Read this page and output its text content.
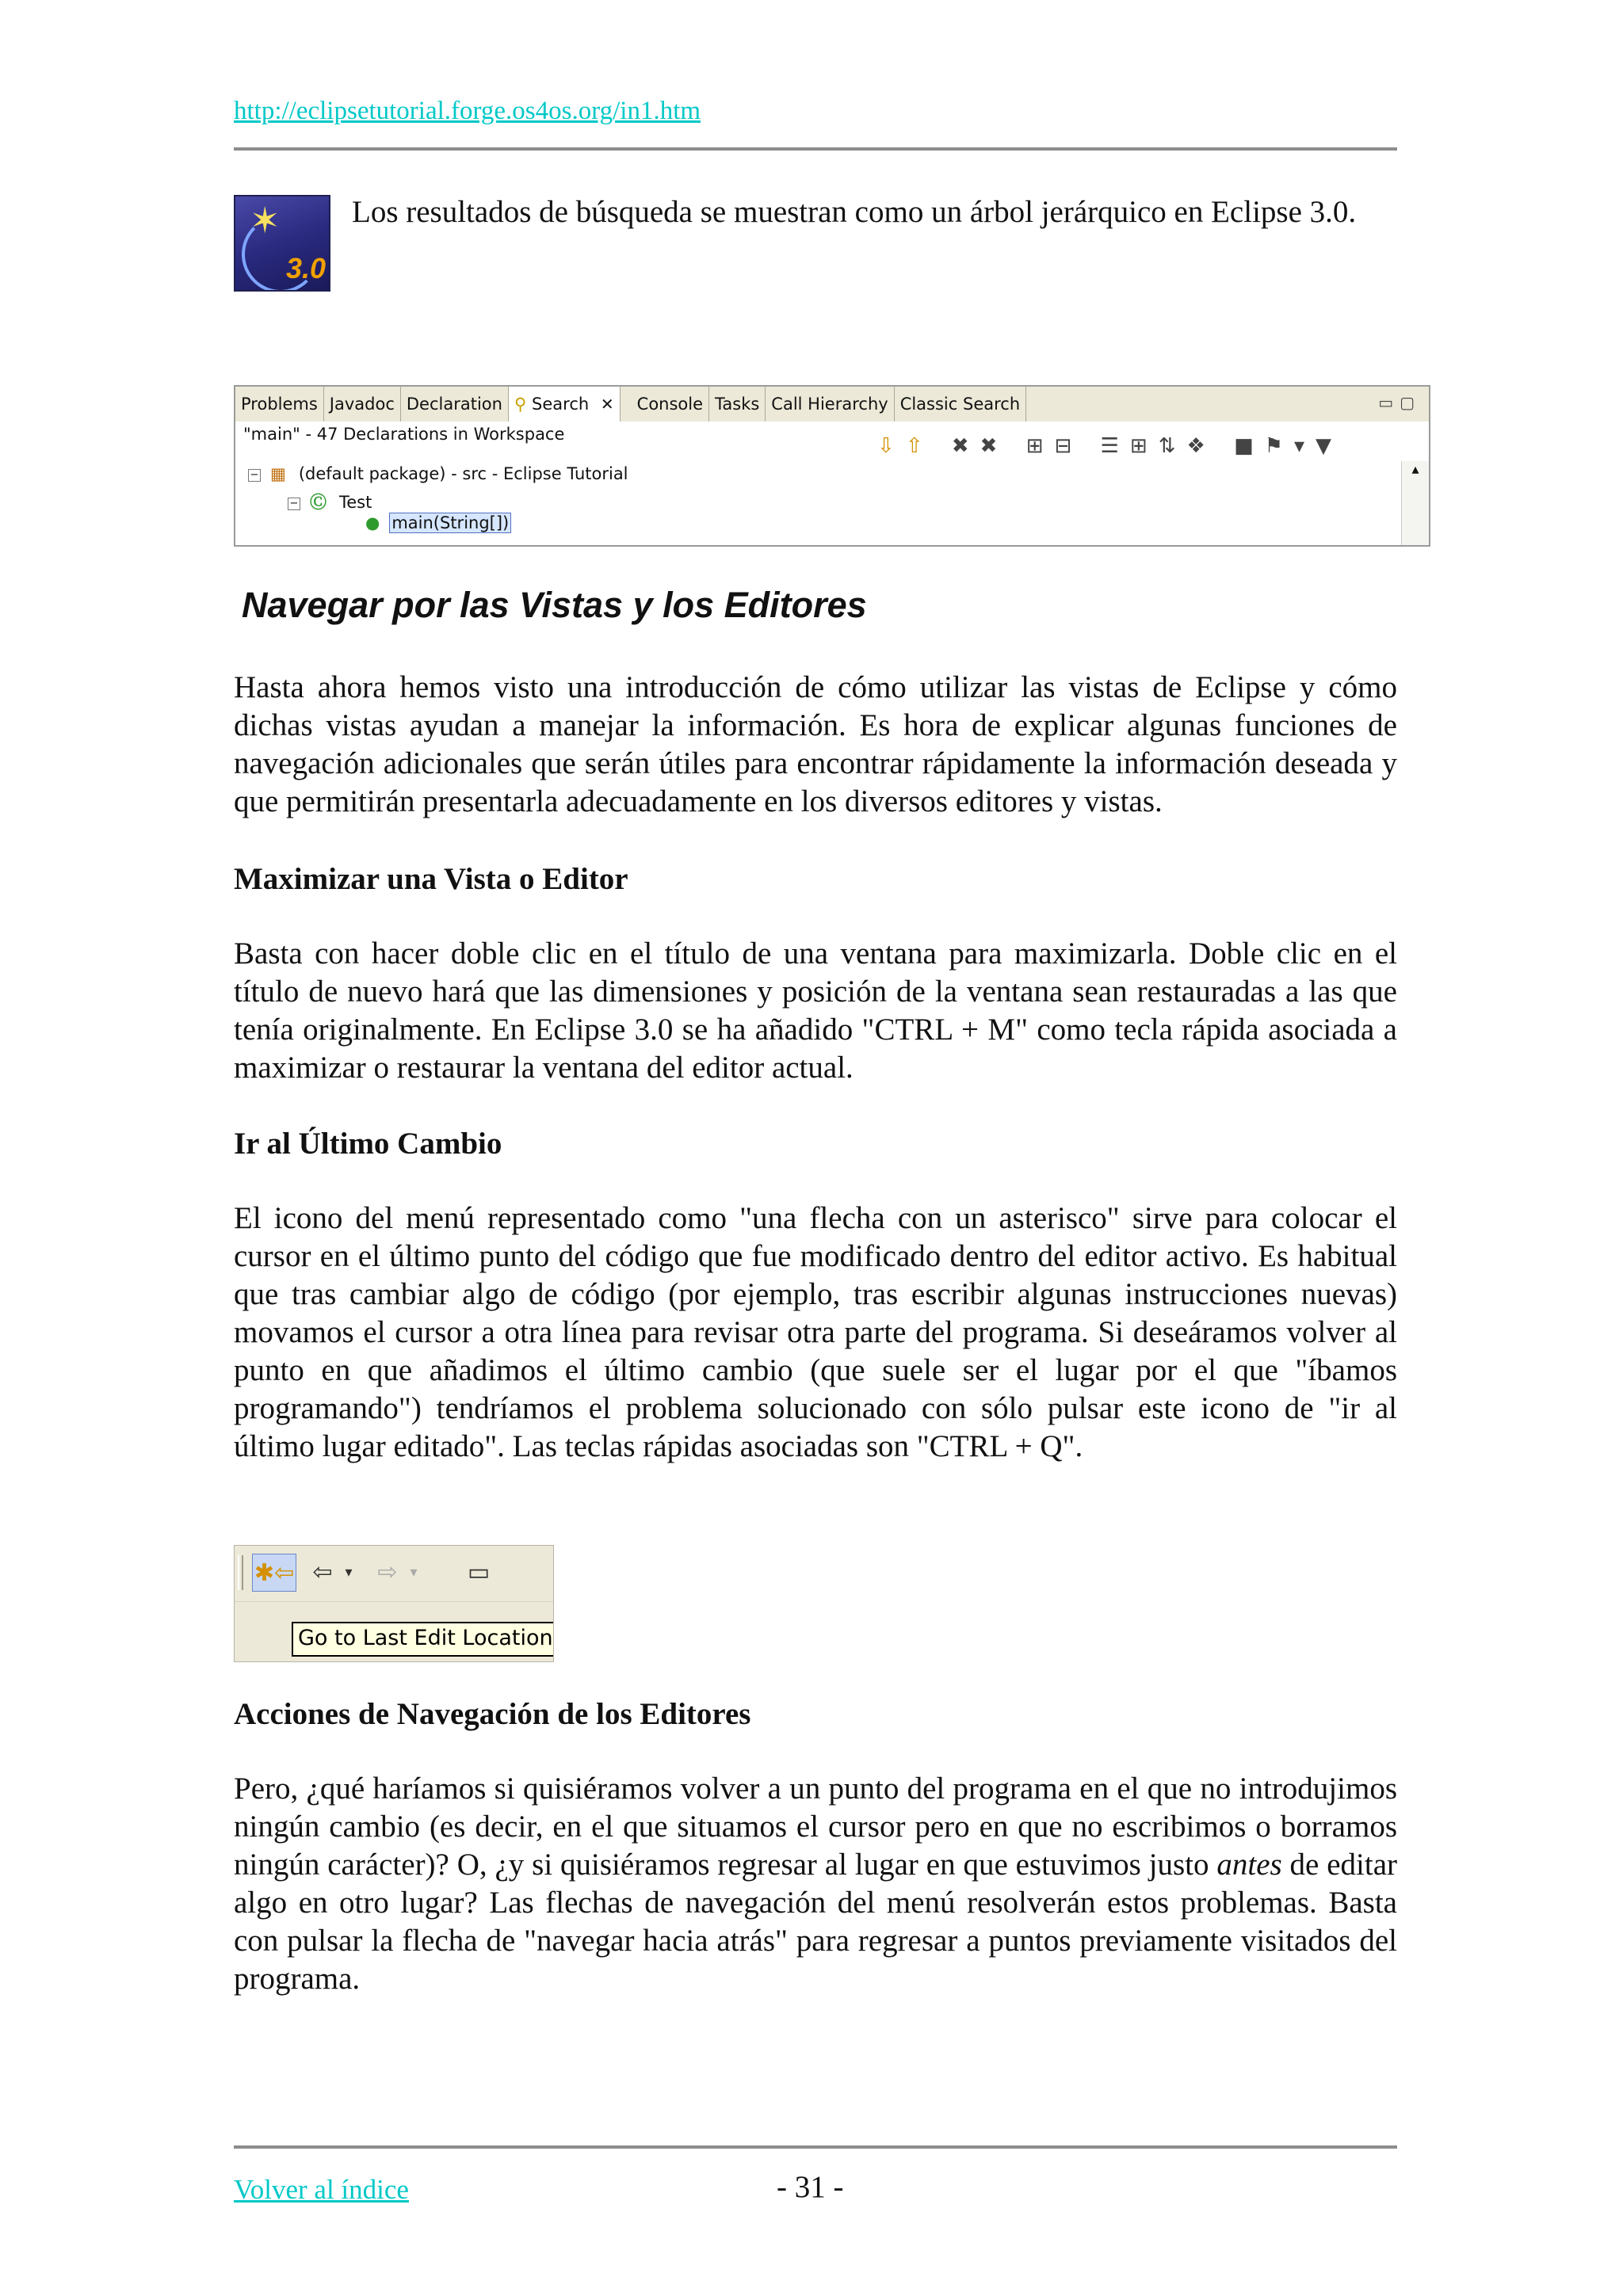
http://eclipsetutorial.forge.os4os.org/in1.htm
✶
3.0

Los resultados de búsqueda se muestran como un árbol jerárquico en Eclipse 3.0.

Problems Javadoc Declaration ⚲ Search ✕	Console Tasks Call Hierarchy Classic Search	▭▢
"main" - 47 Declarations in Workspace	⇩⇧ ✖✖ ⊞⊟ ☰⊞⇅❖ ■⚑▾▼
− ▦ (default package) - src - Eclipse Tutorial
− Ⓒ Test
● main(String[])
▴
Navegar por las Vistas y los Editores

Hasta ahora hemos visto una introducción de cómo utilizar las vistas de Eclipse y cómo dichas vistas ayudan a manejar la información. Es hora de explicar algunas funciones de navegación adicionales que serán útiles para encontrar rápidamente la información deseada y que permitirán presentarla adecuadamente en los diversos editores y vistas.

Maximizar una Vista o Editor

Basta con hacer doble clic en el título de una ventana para maximizarla. Doble clic en el título de nuevo hará que las dimensiones y posición de la ventana sean restauradas a las que tenía originalmente. En Eclipse 3.0 se ha añadido "CTRL + M" como tecla rápida asociada a maximizar o restaurar la ventana del editor actual.

Ir al Último Cambio

El icono del menú representado como "una flecha con un asterisco" sirve para colocar el cursor en el último punto del código que fue modificado dentro del editor activo. Es habitual que tras cambiar algo de código (por ejemplo, tras escribir algunas instrucciones nuevas) movamos el cursor a otra línea para revisar otra parte del programa. Si deseáramos volver al punto en que añadimos el último cambio (que suele ser el lugar por el que "íbamos programando") tendríamos el problema solucionado con sólo pulsar este icono de "ir al último lugar editado". Las teclas rápidas asociadas son "CTRL + Q".

✱⇦ ⇦ ▾ ⇨ ▾	▭
Go to Last Edit Location
Acciones de Navegación de los Editores

Pero, ¿qué haríamos si quisiéramos volver a un punto del programa en el que no introdujimos ningún cambio (es decir, en el que situamos el cursor pero en que no escribimos o borramos ningún carácter)? O, ¿y si quisiéramos regresar al lugar en que estuvimos justo antes de editar algo en otro lugar? Las flechas de navegación del menú resolverán estos problemas. Basta con pulsar la flecha de "navegar hacia atrás" para regresar a puntos previamente visitados del programa.

Volver al índice	- 31 -
